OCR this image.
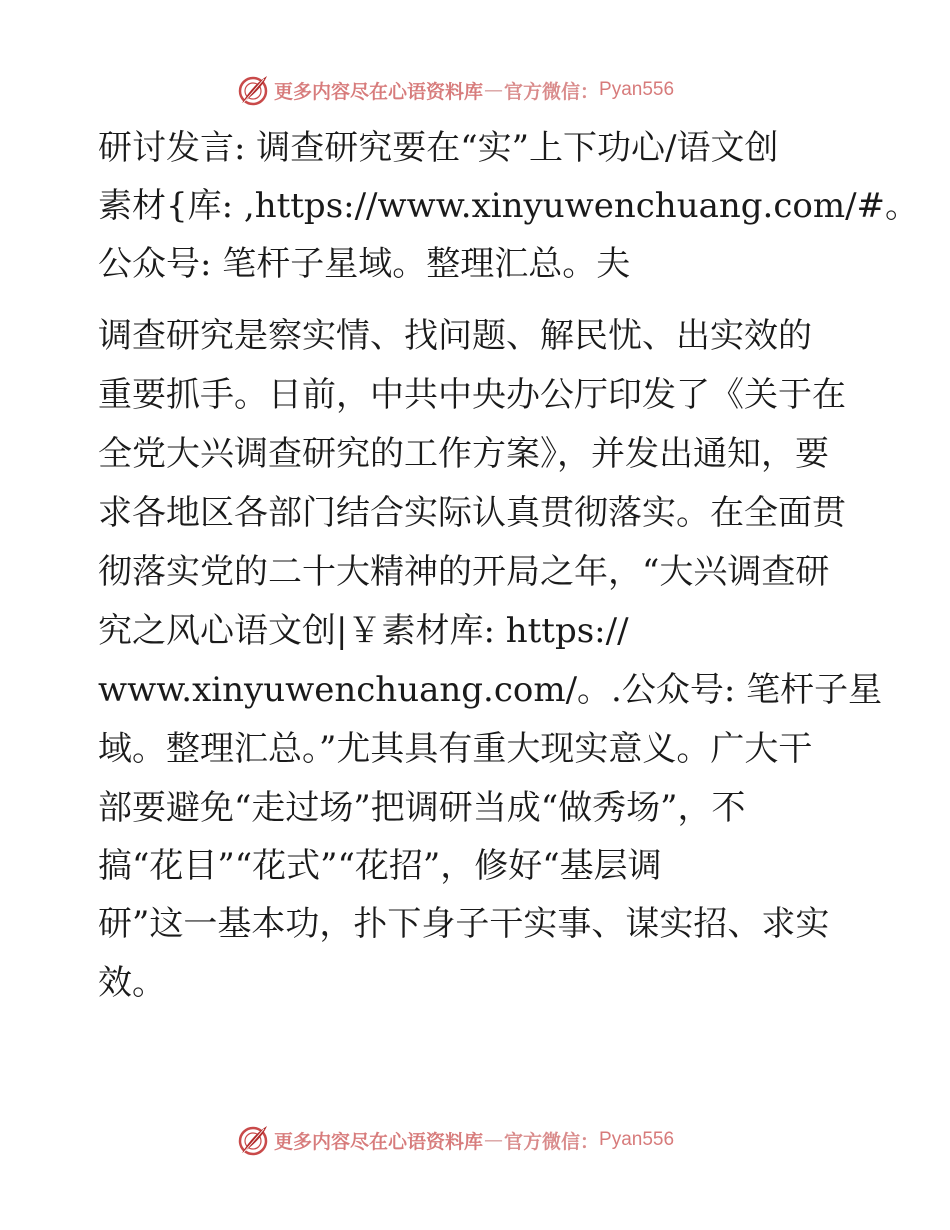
更多内容尽在心语资料库 — 官方微信： Pyan556
研讨发言: 调查研究要在“实”上下功心/语文创
素材{库: ,https://www.xinyuwenchuang.com/#。
公众号: 笔杆子星域。整理汇总。夫
调查研究是察实情、找问题、解民忧、出实效的
重要抓手。日前，中共中央办公厅印发了《关于在
全党大兴调查研究的工作方案》，并发出通知，要
求各地区各部门结合实际认真贯彻落实。在全面贯
彻落实党的二十大精神的开局之年，“大兴调查研
究之风心语文创|￥素材库: https://
www.xinyuwenchuang.com/。.公众号: 笔杆子星
域。整理汇总。”尤其具有重大现实意义。广大干
部要避免“走过场”把调研当成“做秀场”，不
搞“花目”“花式”“花招”，修好“基层调
研”这一基本功，扑下身子干实事、谋实招、求实
效。
更多内容尽在心语资料库 — 官方微信： Pyan556
